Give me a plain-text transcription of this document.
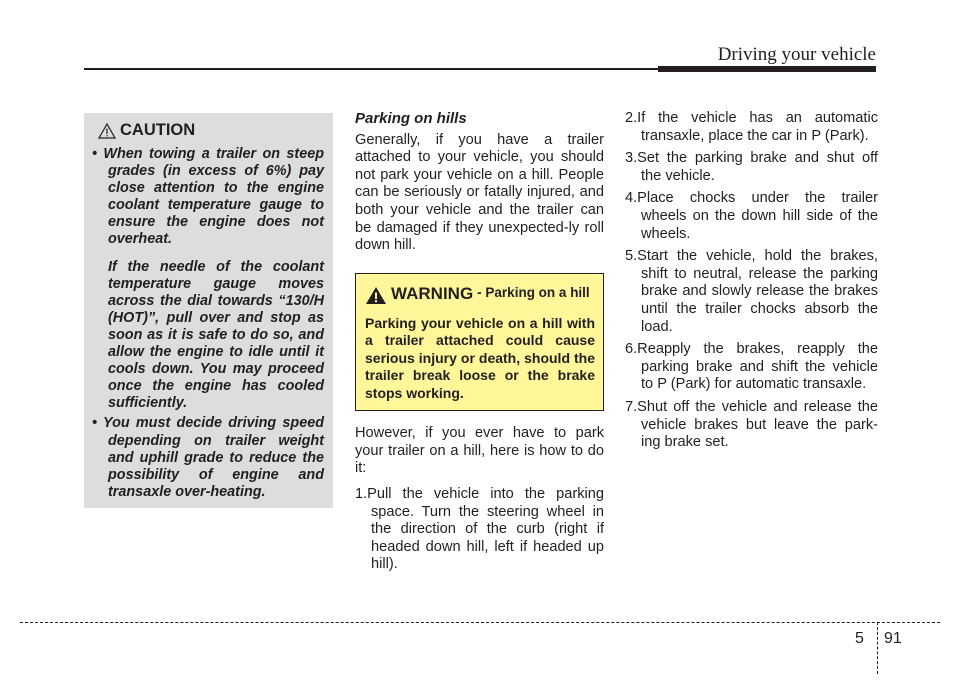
Driving your vehicle
CAUTION
• When towing a trailer on steep grades (in excess of 6%) pay close attention to the engine coolant temperature gauge to ensure the engine does not overheat.

If the needle of the coolant temperature gauge moves across the dial towards “130/H (HOT)”, pull over and stop as soon as it is safe to do so, and allow the engine to idle until it cools down. You may proceed once the engine has cooled sufficiently.

• You must decide driving speed depending on trailer weight and uphill grade to reduce the possibility of engine and transaxle over-heating.
Parking on hills

Generally, if you have a trailer attached to your vehicle, you should not park your vehicle on a hill. People can be seriously or fatally injured, and both your vehicle and the trailer can be damaged if they unexpected-ly roll down hill.

WARNING - Parking on a hill
Parking your vehicle on a hill with a trailer attached could cause serious injury or death, should the trailer break loose or the brake stops working.

However, if you ever have to park your trailer on a hill, here is how to do it:

1.Pull the vehicle into the parking space. Turn the steering wheel in the direction of the curb (right if headed down hill, left if headed up hill).
2.If the vehicle has an automatic transaxle, place the car in P (Park).
3.Set the parking brake and shut off the vehicle.
4.Place chocks under the trailer wheels on the down hill side of the wheels.
5.Start the vehicle, hold the brakes, shift to neutral, release the parking brake and slowly release the brakes until the trailer chocks absorb the load.
6.Reapply the brakes, reapply the parking brake and shift the vehicle to P (Park) for automatic transaxle.
7.Shut off the vehicle and release the vehicle brakes but leave the park-ing brake set.
5 91
